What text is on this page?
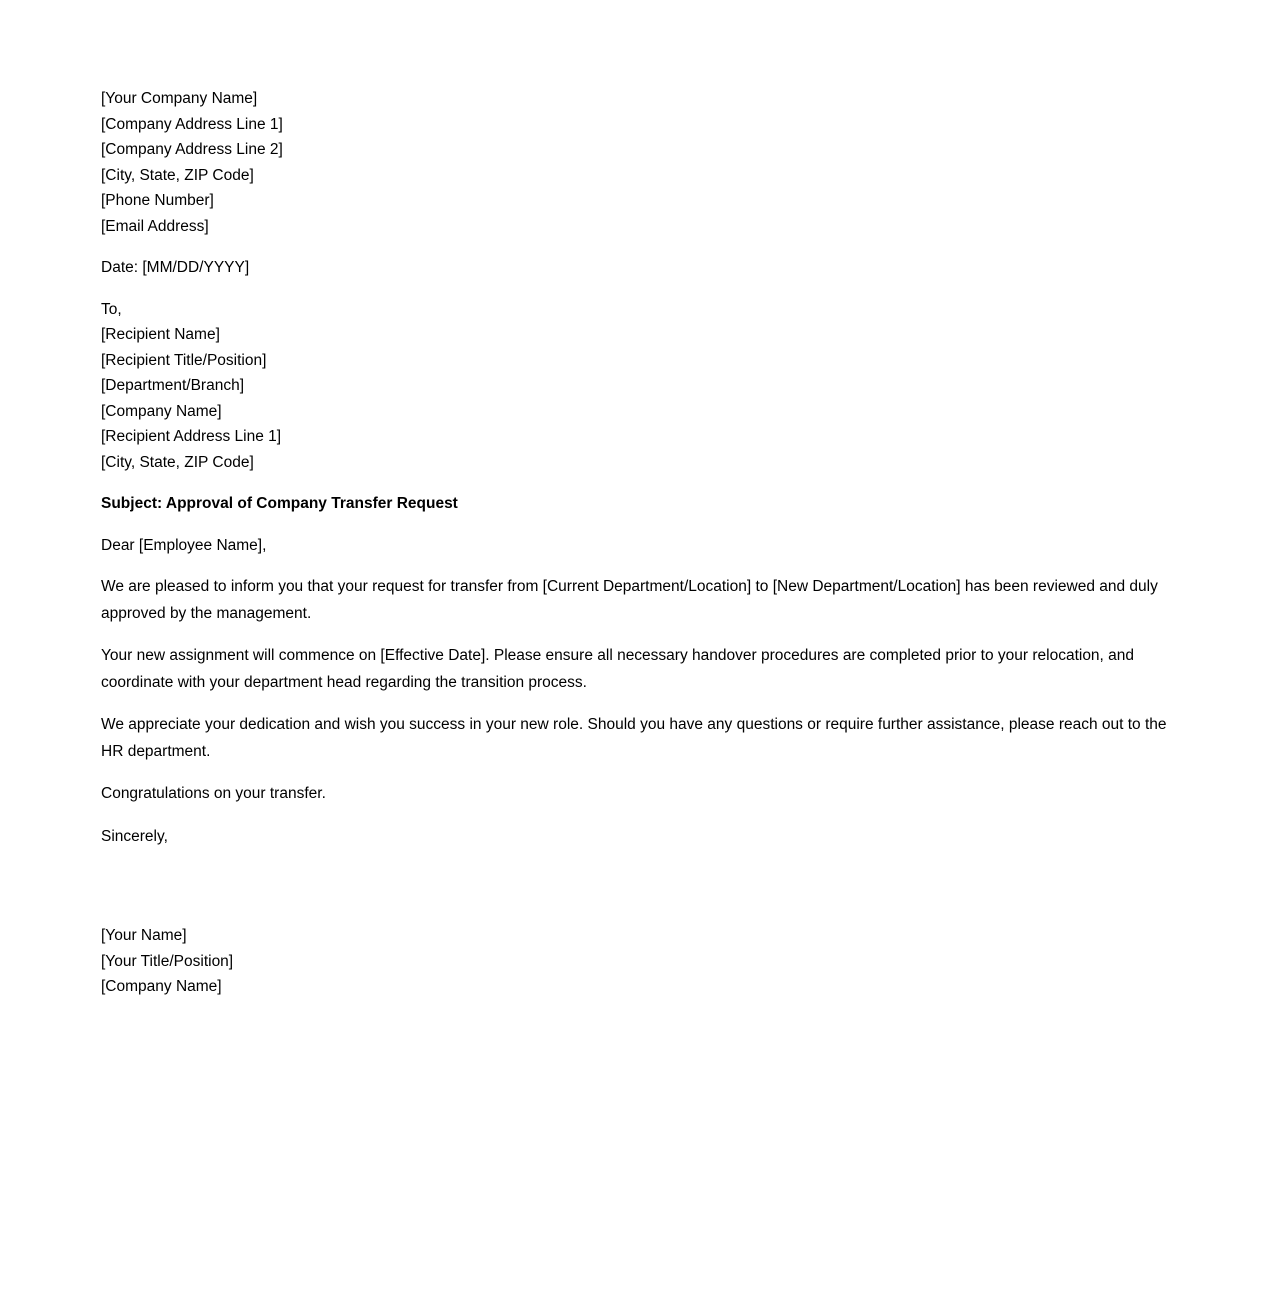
[Your Company Name]
[Company Address Line 1]
[Company Address Line 2]
[City, State, ZIP Code]
[Phone Number]
[Email Address]
Date: [MM/DD/YYYY]
To,
[Recipient Name]
[Recipient Title/Position]
[Department/Branch]
[Company Name]
[Recipient Address Line 1]
[City, State, ZIP Code]
Subject: Approval of Company Transfer Request
Dear [Employee Name],
We are pleased to inform you that your request for transfer from [Current Department/Location] to [New Department/Location] has been reviewed and duly approved by the management.
Your new assignment will commence on [Effective Date]. Please ensure all necessary handover procedures are completed prior to your relocation, and coordinate with your department head regarding the transition process.
We appreciate your dedication and wish you success in your new role. Should you have any questions or require further assistance, please reach out to the HR department.
Congratulations on your transfer.
Sincerely,
[Your Name]
[Your Title/Position]
[Company Name]
